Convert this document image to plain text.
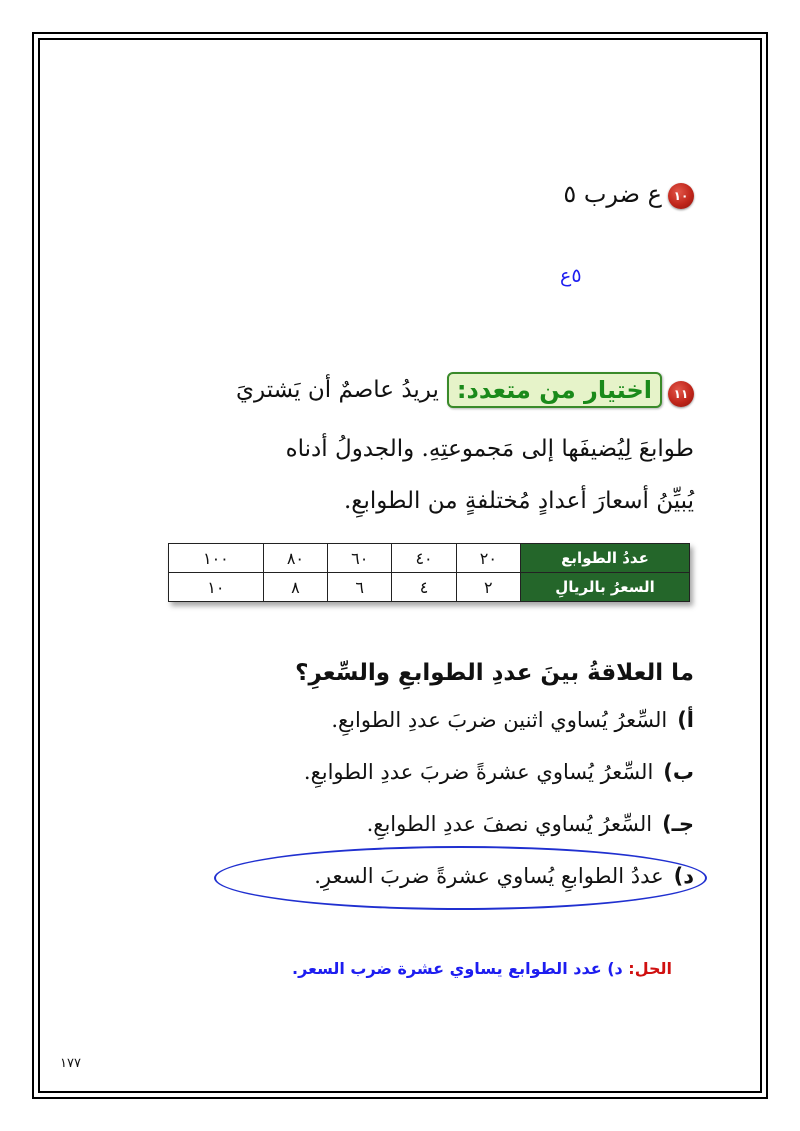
١٠
ع ضرب ٥
٥ع
١١
اختيار من متعدد:
يريدُ عاصمٌ أن يَشتريَ
طوابعَ لِيُضيفَها إلى مَجموعتِهِ. والجدولُ أدناه
يُبيِّنُ أسعارَ أعدادٍ مُختلفةٍ من الطوابعِ.
عددُ الطوابع	٢٠	٤٠	٦٠	٨٠	١٠٠
السعرُ بالريالِ	٢	٤	٦	٨	١٠
ما العلاقةُ بينَ عددِ الطوابعِ والسِّعرِ؟
أ)السِّعرُ يُساوي اثنين ضربَ عددِ الطوابعِ.
ب)السِّعرُ يُساوي عشرةً ضربَ عددِ الطوابعِ.
جـ)السِّعرُ يُساوي نصفَ عددِ الطوابعِ.
د)عددُ الطوابعِ يُساوي عشرةً ضربَ السعرِ.
الحل: د) عدد الطوابع يساوي عشرة ضرب السعر.
١٧٧
